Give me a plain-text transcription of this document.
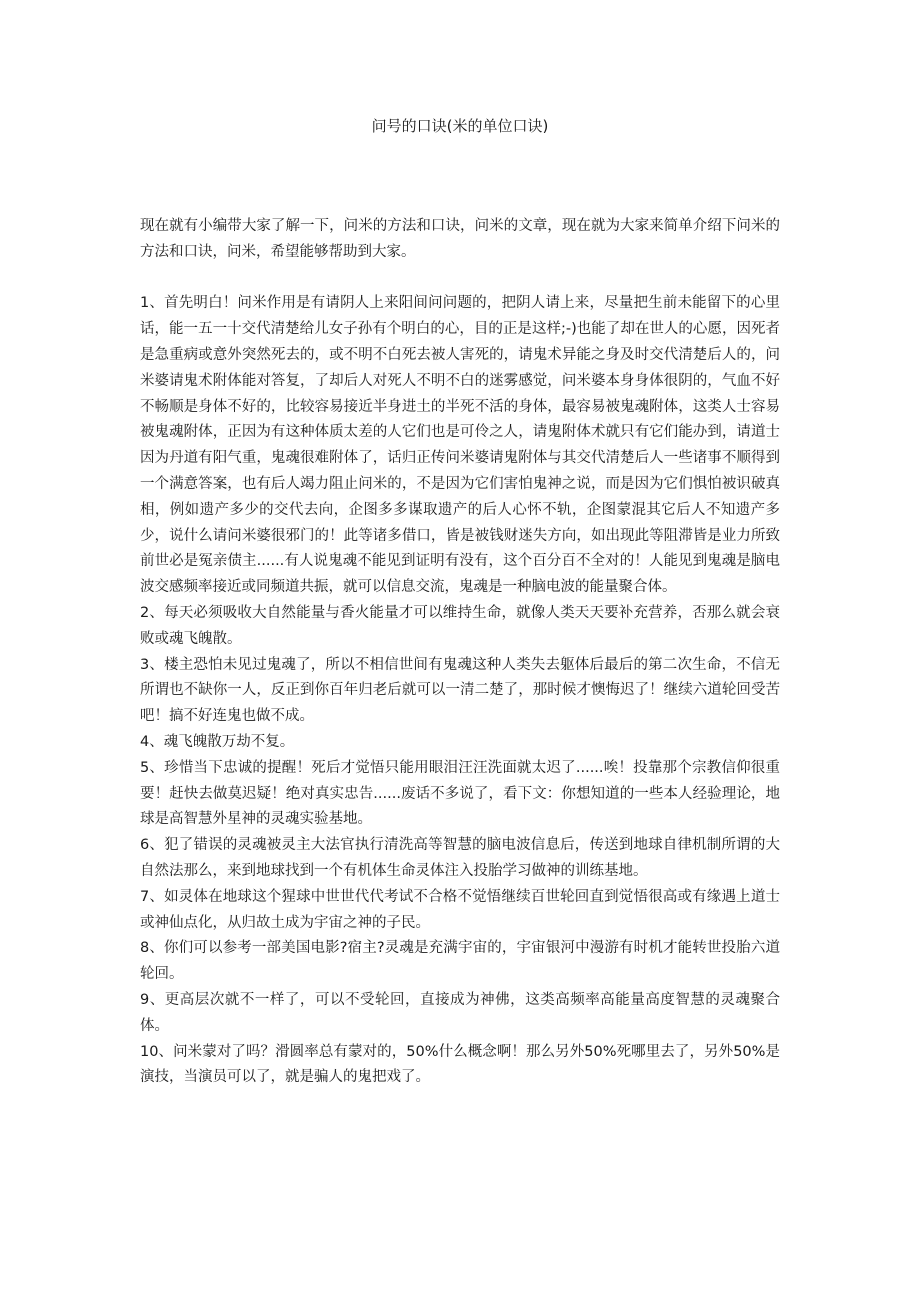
问号的口诀(米的单位口诀)

现在就有小编带大家了解一下，问米的方法和口诀，问米的文章，现在就为大家来简单介绍下问米的方法和口诀，问米，希望能够帮助到大家。

1、首先明白！问米作用是有请阴人上来阳间问问题的，把阴人请上来，尽量把生前未能留下的心里话，能一五一十交代清楚给儿女子孙有个明白的心，目的正是这样;-)也能了却在世人的心愿，因死者是急重病或意外突然死去的，或不明不白死去被人害死的，请鬼术异能之身及时交代清楚后人的，问米婆请鬼术附体能对答复，了却后人对死人不明不白的迷雾感觉，问米婆本身身体很阴的，气血不好不畅顺是身体不好的，比较容易接近半身进土的半死不活的身体，最容易被鬼魂附体，这类人士容易被鬼魂附体，正因为有这种体质太差的人它们也是可伶之人，请鬼附体术就只有它们能办到，请道士因为丹道有阳气重，鬼魂很难附体了，话归正传问米婆请鬼附体与其交代清楚后人一些诸事不顺得到一个满意答案，也有后人竭力阻止问米的，不是因为它们害怕鬼神之说，而是因为它们惧怕被识破真相，例如遗产多少的交代去向，企图多多谋取遗产的后人心怀不轨，企图蒙混其它后人不知遗产多少，说什么请问米婆很邪门的！此等诸多借口，皆是被钱财迷失方向，如出现此等阻滞皆是业力所致前世必是冤亲债主......有人说鬼魂不能见到证明有没有，这个百分百不全对的！人能见到鬼魂是脑电波交感频率接近或同频道共振，就可以信息交流，鬼魂是一种脑电波的能量聚合体。

2、每天必须吸收大自然能量与香火能量才可以维持生命，就像人类天天要补充营养，否那么就会衰败或魂飞魄散。

3、楼主恐怕未见过鬼魂了，所以不相信世间有鬼魂这种人类失去躯体后最后的第二次生命，不信无所谓也不缺你一人，反正到你百年归老后就可以一清二楚了，那时候才懊悔迟了！继续六道轮回受苦吧！搞不好连鬼也做不成。

4、魂飞魄散万劫不复。

5、珍惜当下忠诚的提醒！死后才觉悟只能用眼泪汪汪洗面就太迟了......唉！投靠那个宗教信仰很重要！赶快去做莫迟疑！绝对真实忠告......废话不多说了，看下文：你想知道的一些本人经验理论，地球是高智慧外星神的灵魂实验基地。

6、犯了错误的灵魂被灵主大法官执行清洗高等智慧的脑电波信息后，传送到地球自律机制所谓的大自然法那么，来到地球找到一个有机体生命灵体注入投胎学习做神的训练基地。

7、如灵体在地球这个猩球中世世代代考试不合格不觉悟继续百世轮回直到觉悟很高或有缘遇上道士或神仙点化，从归故土成为宇宙之神的子民。

8、你们可以参考一部美国电影?宿主?灵魂是充满宇宙的，宇宙银河中漫游有时机才能转世投胎六道轮回。

9、更高层次就不一样了，可以不受轮回，直接成为神佛，这类高频率高能量高度智慧的灵魂聚合体。

10、问米蒙对了吗？滑圆率总有蒙对的，50%什么概念啊！那么另外50%死哪里去了，另外50%是演技，当演员可以了，就是骗人的鬼把戏了。
